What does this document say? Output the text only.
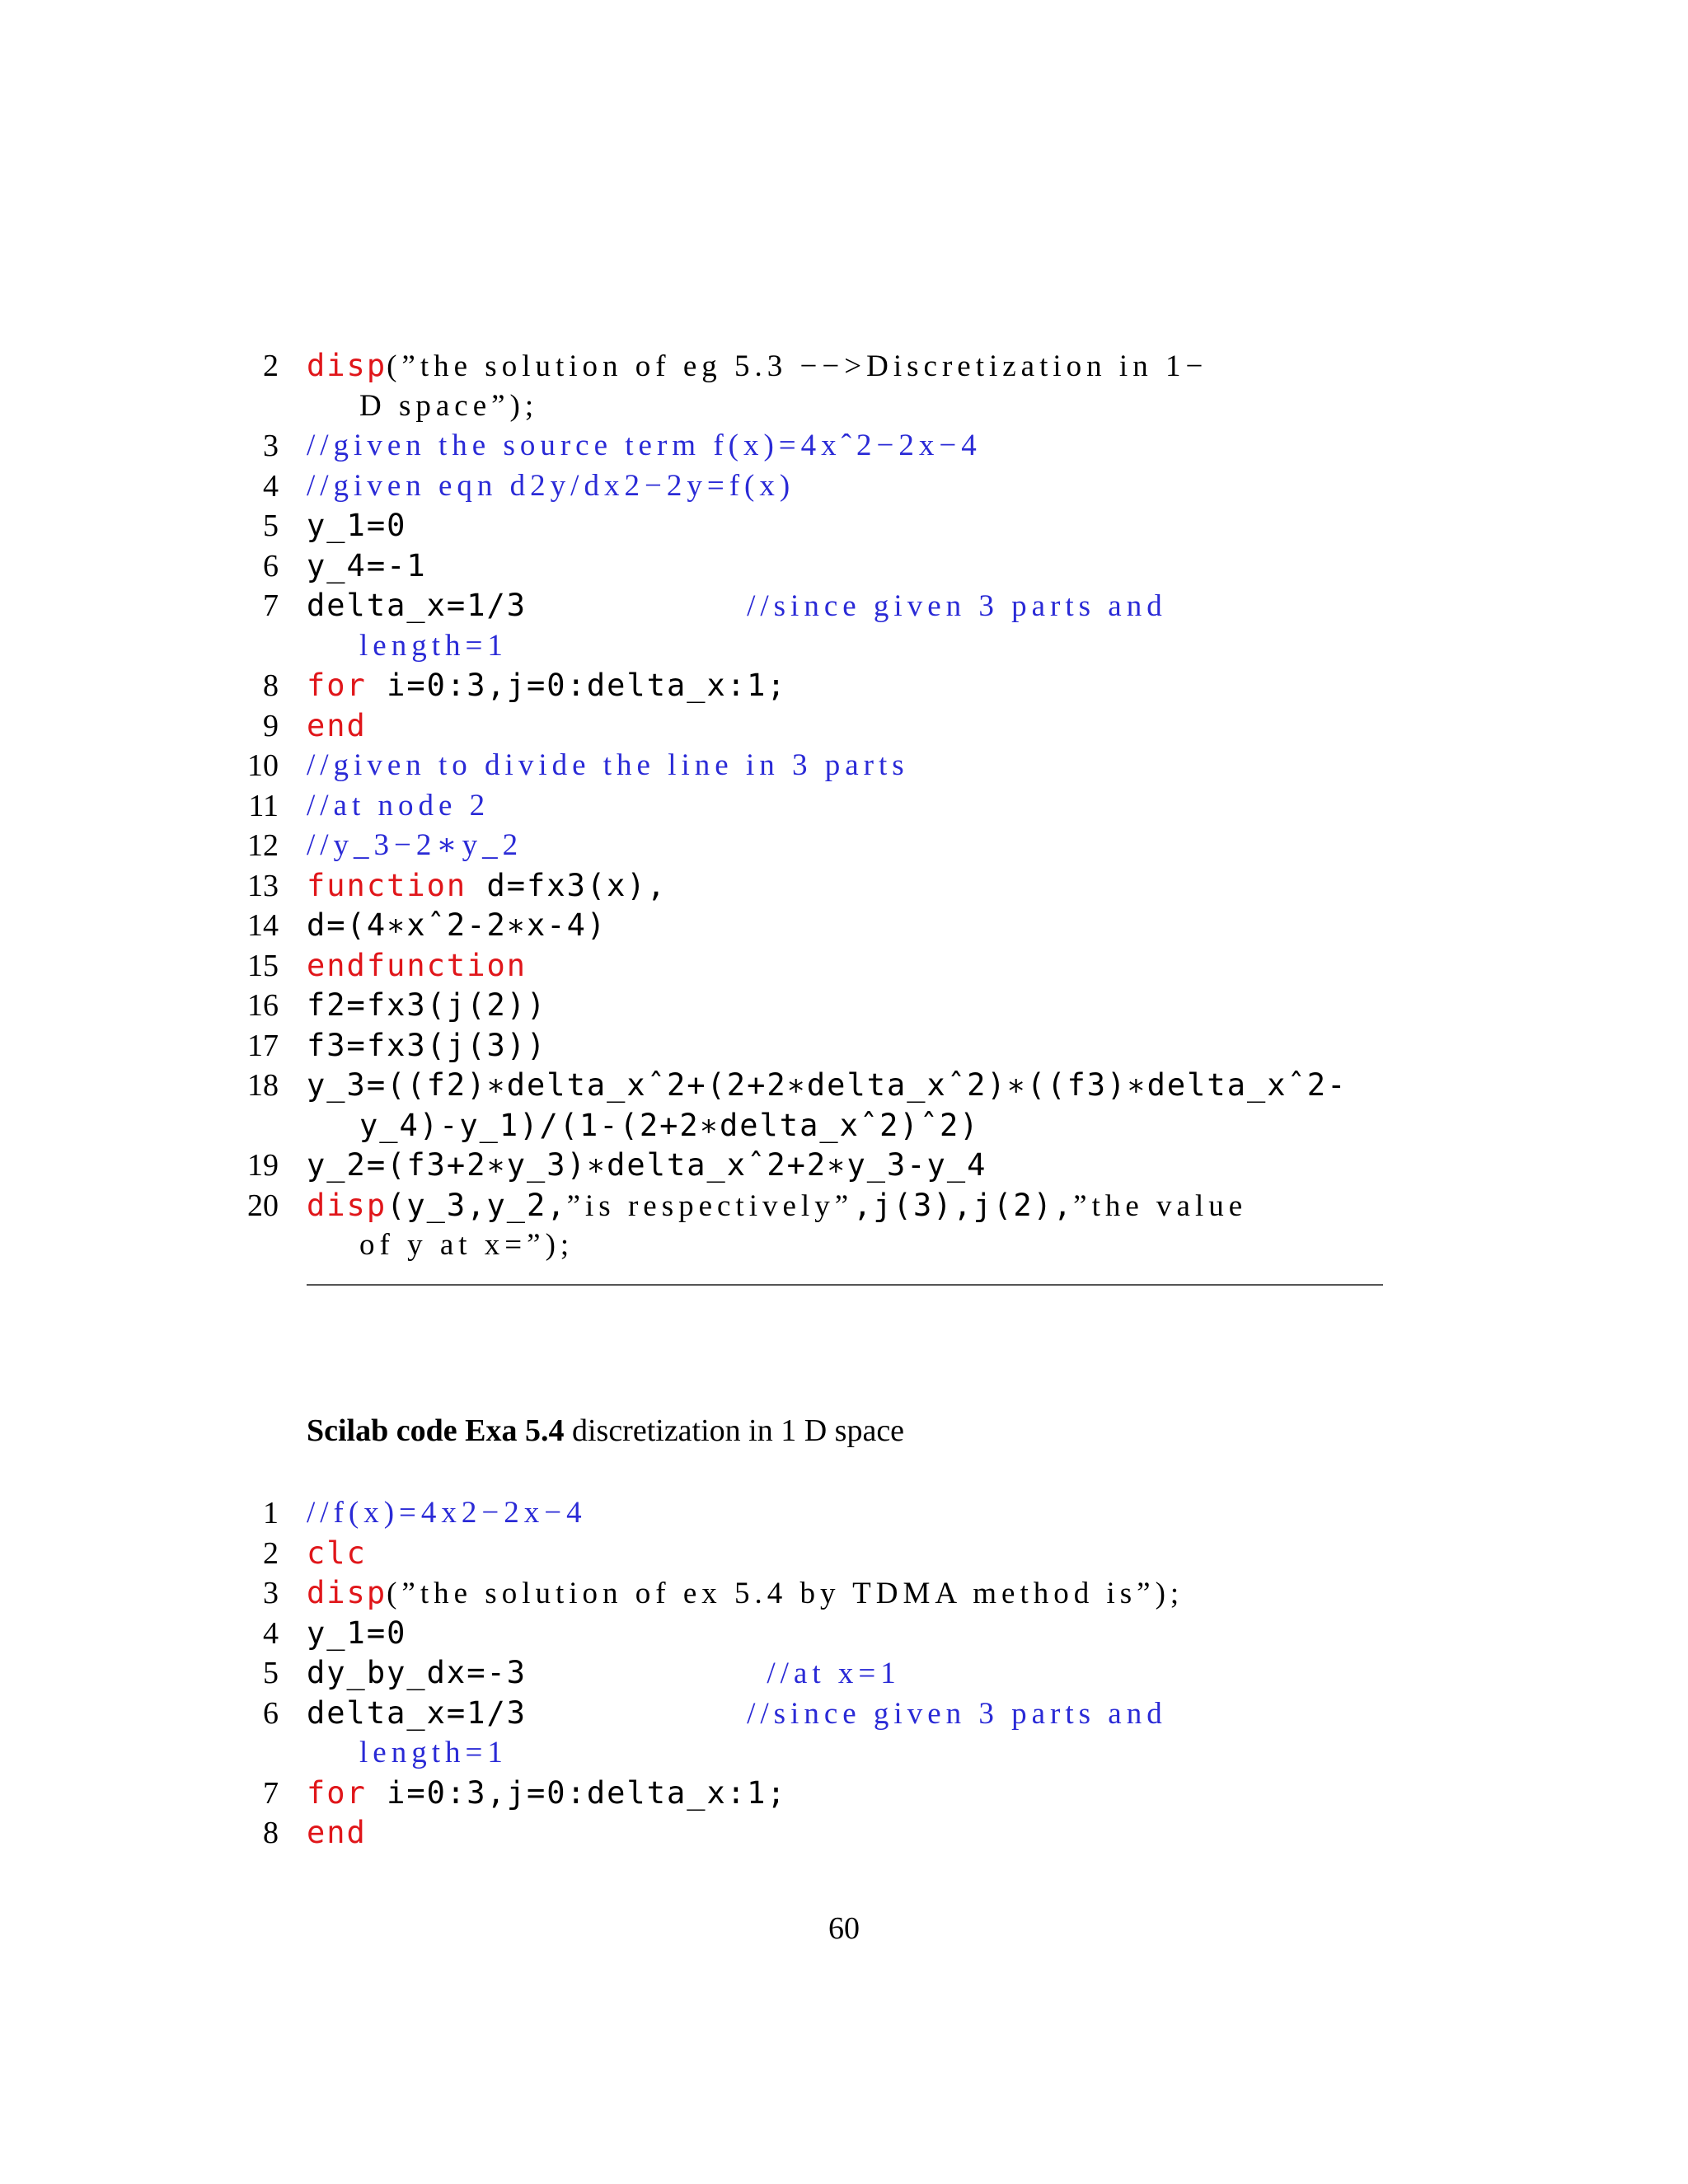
2 disp(”the solution of eg 5.3 −−>Discretization in 1−
D space”);
3 //given the source term f(x)=4xˆ2−2x−4
4 //given eqn d2y/dx2−2y=f(x)
5 y_1=0
6 y_4=-1
7 delta_x=1/3           //since given 3 parts and
length=1
8 for i=0:3,j=0:delta_x:1;
9 end
10 //given to divide the line in 3 parts
11 //at node 2
12 //y_3−2∗y_2
13 function d=fx3(x),
14 d=(4∗xˆ2-2∗x-4)
15 endfunction
16 f2=fx3(j(2))
17 f3=fx3(j(3))
18 y_3=((f2)∗delta_xˆ2+(2+2∗delta_xˆ2)∗((f3)∗delta_xˆ2-
y_4)-y_1)/(1-(2+2∗delta_xˆ2)ˆ2)
19 y_2=(f3+2∗y_3)∗delta_xˆ2+2∗y_3-y_4
20 disp(y_3,y_2,”is respectively”,j(3),j(2),”the value
of y at x=”);
Scilab code Exa 5.4 discretization in 1 D space
1 //f(x)=4x2−2x−4
2 clc
3 disp(”the solution of ex 5.4 by TDMA method is”);
4 y_1=0
5 dy_by_dx=-3            //at x=1
6 delta_x=1/3           //since given 3 parts and
length=1
7 for i=0:3,j=0:delta_x:1;
8 end
60
